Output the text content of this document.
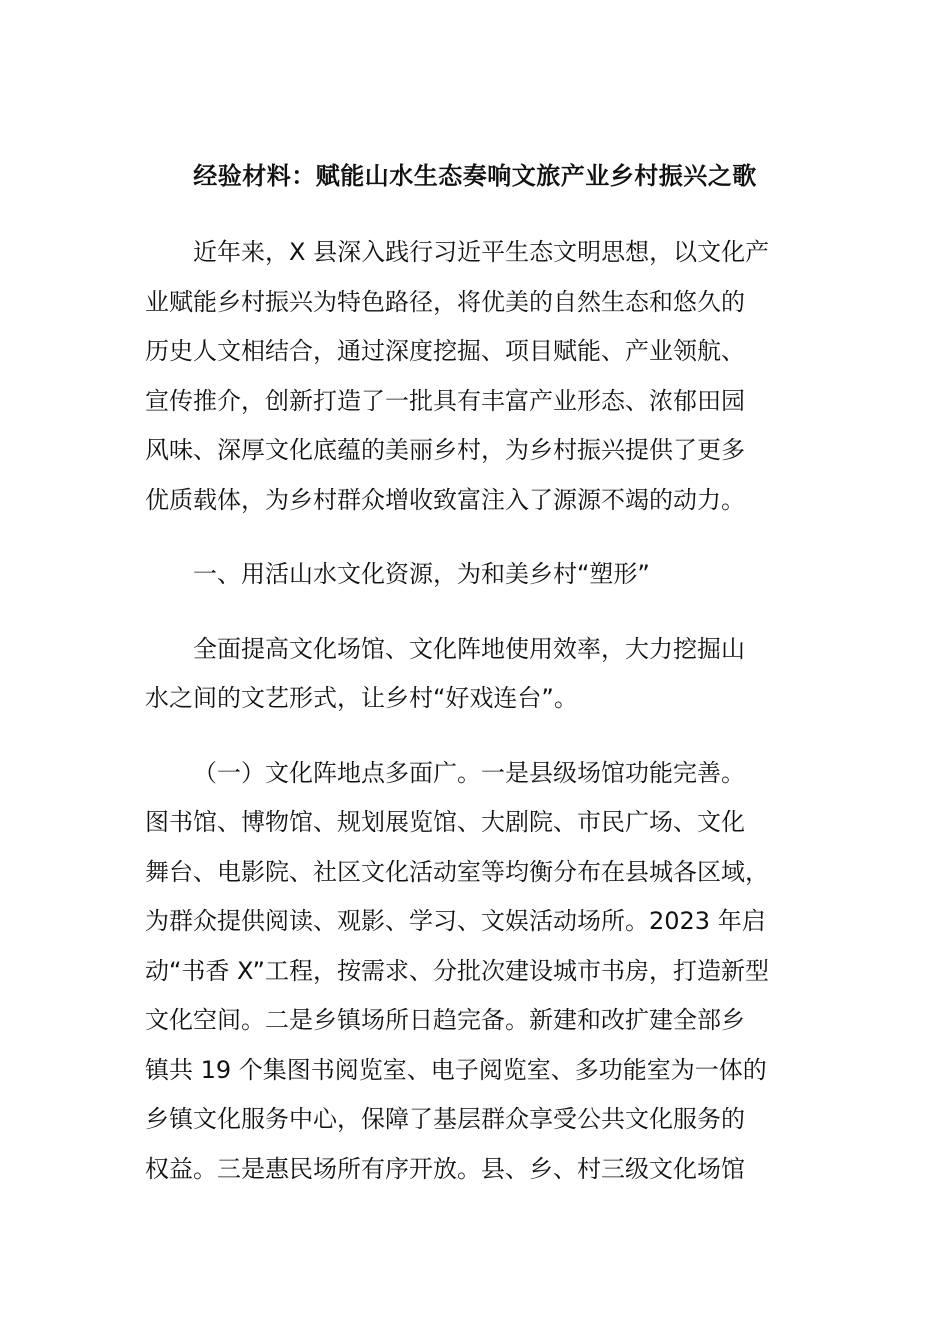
经验材料：赋能山水生态奏响文旅产业乡村振兴之歌

近年来，X 县深入践行习近平生态文明思想，以文化产
业赋能乡村振兴为特色路径，将优美的自然生态和悠久的
历史人文相结合，通过深度挖掘、项目赋能、产业领航、
宣传推介，创新打造了一批具有丰富产业形态、浓郁田园
风味、深厚文化底蕴的美丽乡村，为乡村振兴提供了更多
优质载体，为乡村群众增收致富注入了源源不竭的动力。

一、用活山水文化资源，为和美乡村“塑形”

全面提高文化场馆、文化阵地使用效率，大力挖掘山
水之间的文艺形式，让乡村“好戏连台”。

（一）文化阵地点多面广。一是县级场馆功能完善。
图书馆、博物馆、规划展览馆、大剧院、市民广场、文化
舞台、电影院、社区文化活动室等均衡分布在县城各区域，
为群众提供阅读、观影、学习、文娱活动场所。2023 年启
动“书香 X”工程，按需求、分批次建设城市书房，打造新型
文化空间。二是乡镇场所日趋完备。新建和改扩建全部乡
镇共 19 个集图书阅览室、电子阅览室、多功能室为一体的
乡镇文化服务中心，保障了基层群众享受公共文化服务的
权益。三是惠民场所有序开放。县、乡、村三级文化场馆
